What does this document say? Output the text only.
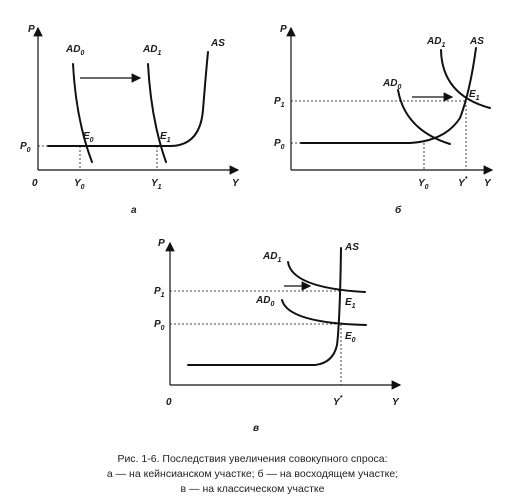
P
Y
0
$AD_0$	$AD_1$
AS
$P_0$
$E_0$	$E_1$
$Y_0$	$Y_1$
а
P
Y
$AD_0$
$AD_1$ AS
$P_1$
$P_0$
$E_1$
$Y_0$	Y*
б
P
Y
0
$AD_1$
$AD_0$
AS
$P_1$
$P_0$
$E_1$
$E_0$
Y*
в
Рис. 1-6. Последствия увеличения совокупного спроса:
а — на кейнсианском участке; б — на восходящем участке;
в — на классическом участке
